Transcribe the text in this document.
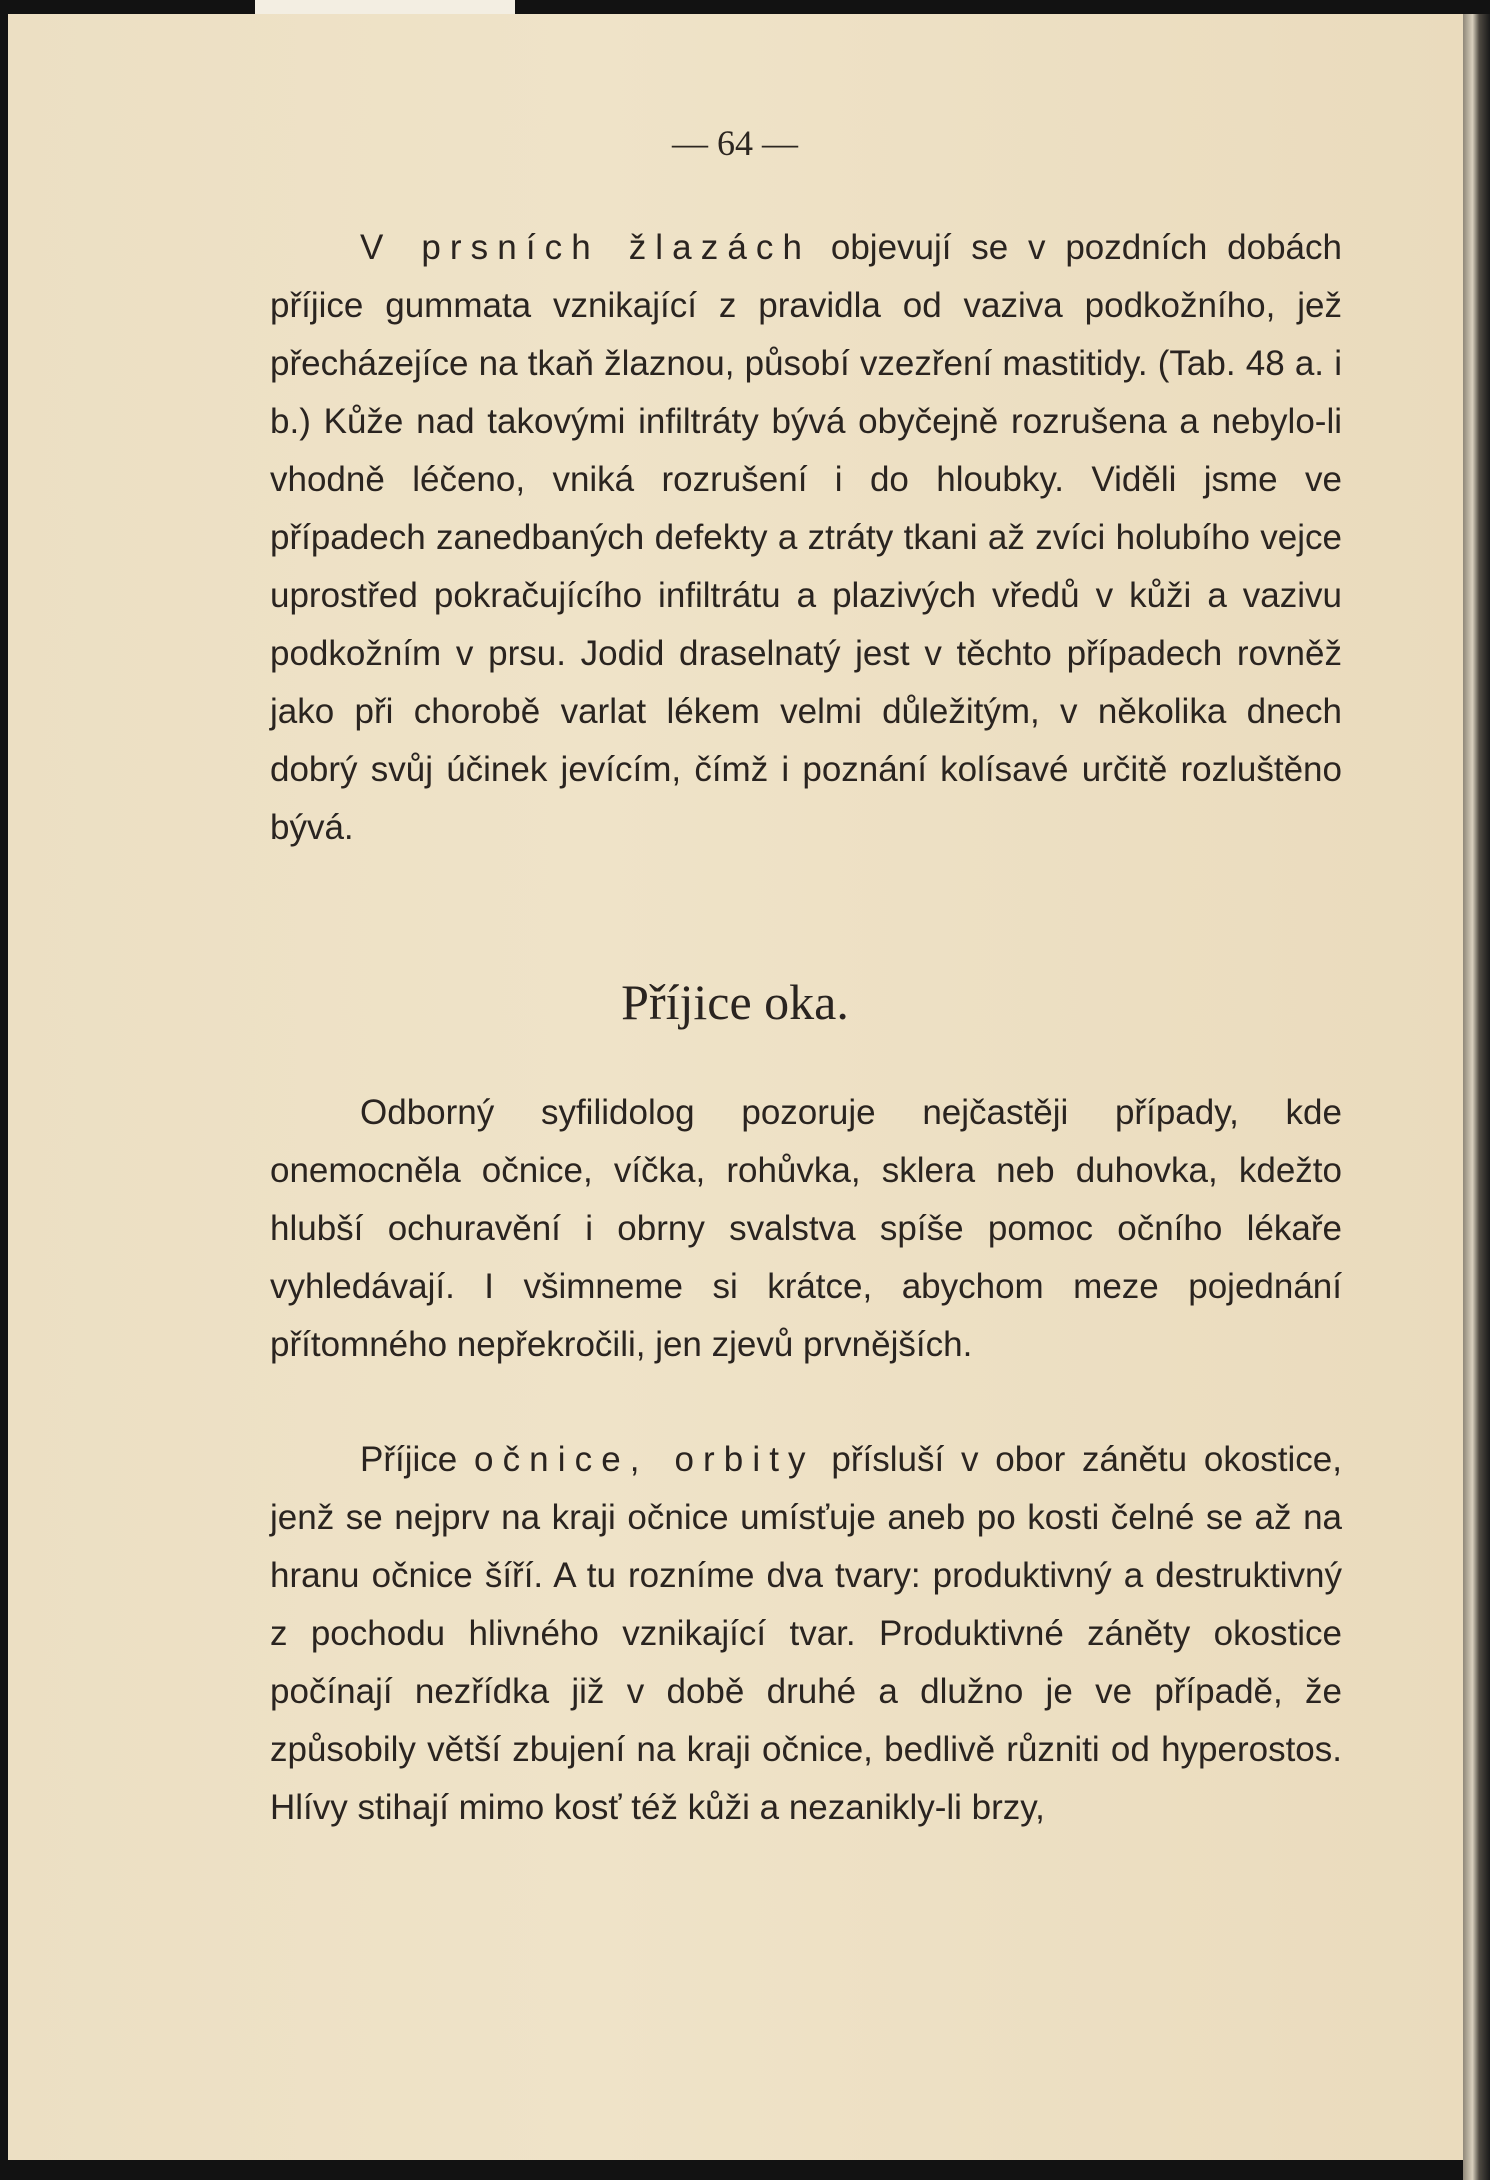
— 64 —

V prsních žlazách objevují se v pozdních dobách příjice gummata vznikající z pravidla od vaziva podkožního, jež přecházejíce na tkaň žlaznou, působí vzezření mastitidy. (Tab. 48 a. i b.) Kůže nad takovými infiltráty bývá obyčejně rozrušena a nebylo-li vhodně léčeno, vniká rozrušení i do hloubky. Viděli jsme ve případech zanedbaných defekty a ztráty tkani až zvíci holubího vejce uprostřed pokračujícího infiltrátu a plazivých vředů v kůži a vazivu podkožním v prsu. Jodid draselnatý jest v těchto případech rovněž jako při chorobě varlat lékem velmi důležitým, v několika dnech dobrý svůj účinek jevícím, čímž i poznání kolísavé určitě rozluštěno bývá.

Příjice oka.

Odborný syfilidolog pozoruje nejčastěji případy, kde onemocněla očnice, víčka, rohůvka, sklera neb duhovka, kdežto hlubší ochuravění i obrny svalstva spíše pomoc očního lékaře vyhledávají. I všimneme si krátce, abychom meze pojednání přítomného nepřekročili, jen zjevů prvnějších.

Příjice očnice, orbity přísluší v obor zánětu okostice, jenž se nejprv na kraji očnice umísťuje aneb po kosti čelné se až na hranu očnice šíří. A tu rozníme dva tvary: produktivný a destruktivný z pochodu hlivného vznikající tvar. Produktivné záněty okostice počínají nezřídka již v době druhé a dlužno je ve případě, že způsobily větší zbujení na kraji očnice, bedlivě různiti od hyperostos. Hlívy stihají mimo kosť též kůži a nezanikly-li brzy,
